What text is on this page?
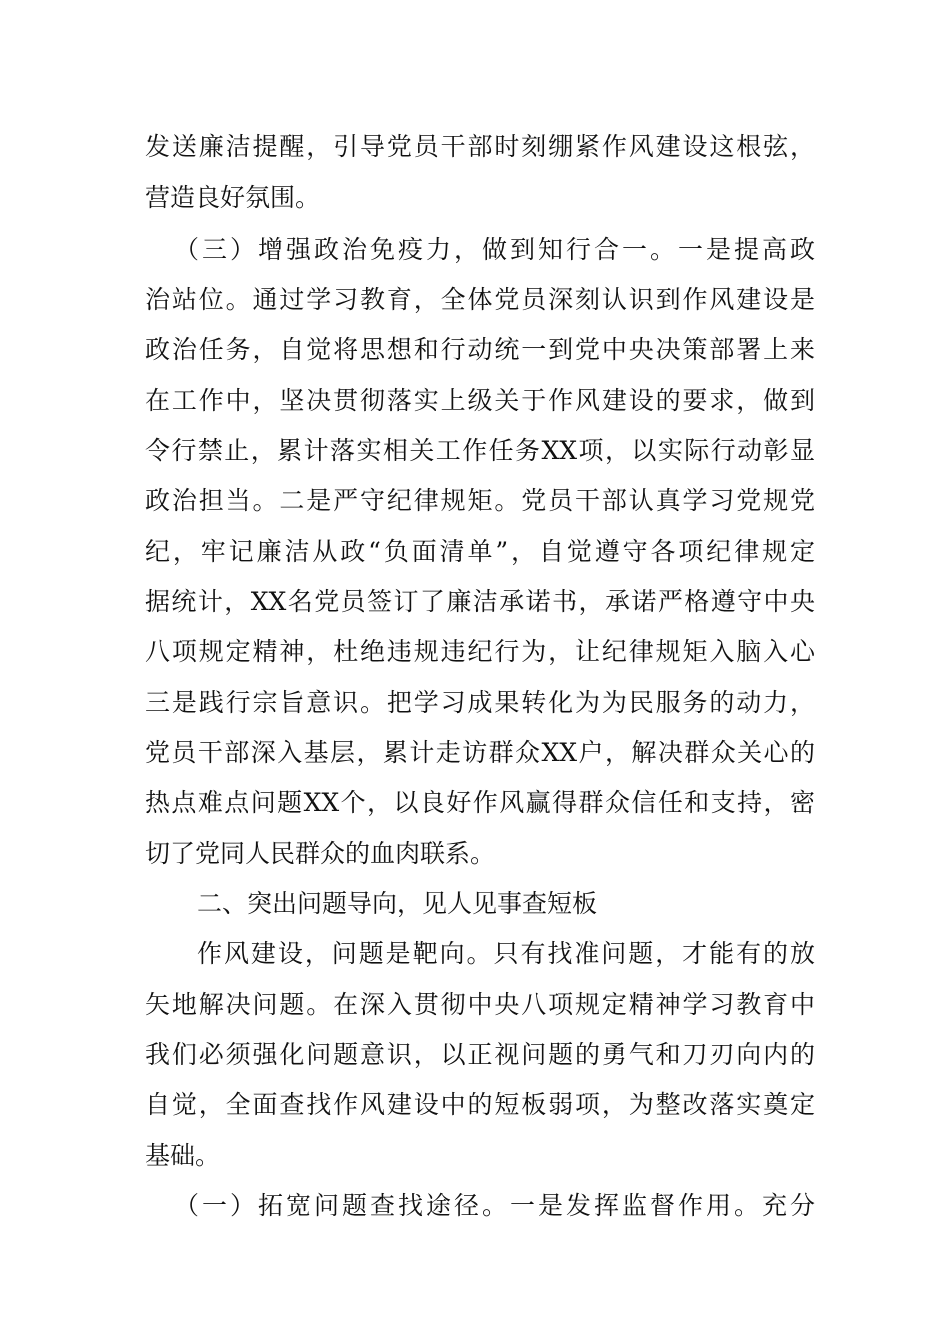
发送廉洁提醒，引导党员干部时刻绷紧作风建设这根弦，
营造良好氛围。
（三）增强政治免疫力，做到知行合一。一是提高政
治站位。通过学习教育，全体党员深刻认识到作风建设是
政治任务，自觉将思想和行动统一到党中央决策部署上来
在工作中，坚决贯彻落实上级关于作风建设的要求，做到
令行禁止，累计落实相关工作任务XX项，以实际行动彰显
政治担当。二是严守纪律规矩。党员干部认真学习党规党
纪，牢记廉洁从政“负面清单”，自觉遵守各项纪律规定
据统计，XX名党员签订了廉洁承诺书，承诺严格遵守中央
八项规定精神，杜绝违规违纪行为，让纪律规矩入脑入心
三是践行宗旨意识。把学习成果转化为为民服务的动力，
党员干部深入基层，累计走访群众XX户，解决群众关心的
热点难点问题XX个，以良好作风赢得群众信任和支持，密
切了党同人民群众的血肉联系。
二、突出问题导向，见人见事查短板
作风建设，问题是靶向。只有找准问题，才能有的放
矢地解决问题。在深入贯彻中央八项规定精神学习教育中
我们必须强化问题意识，以正视问题的勇气和刀刃向内的
自觉，全面查找作风建设中的短板弱项，为整改落实奠定
基础。
（一）拓宽问题查找途径。一是发挥监督作用。充分
